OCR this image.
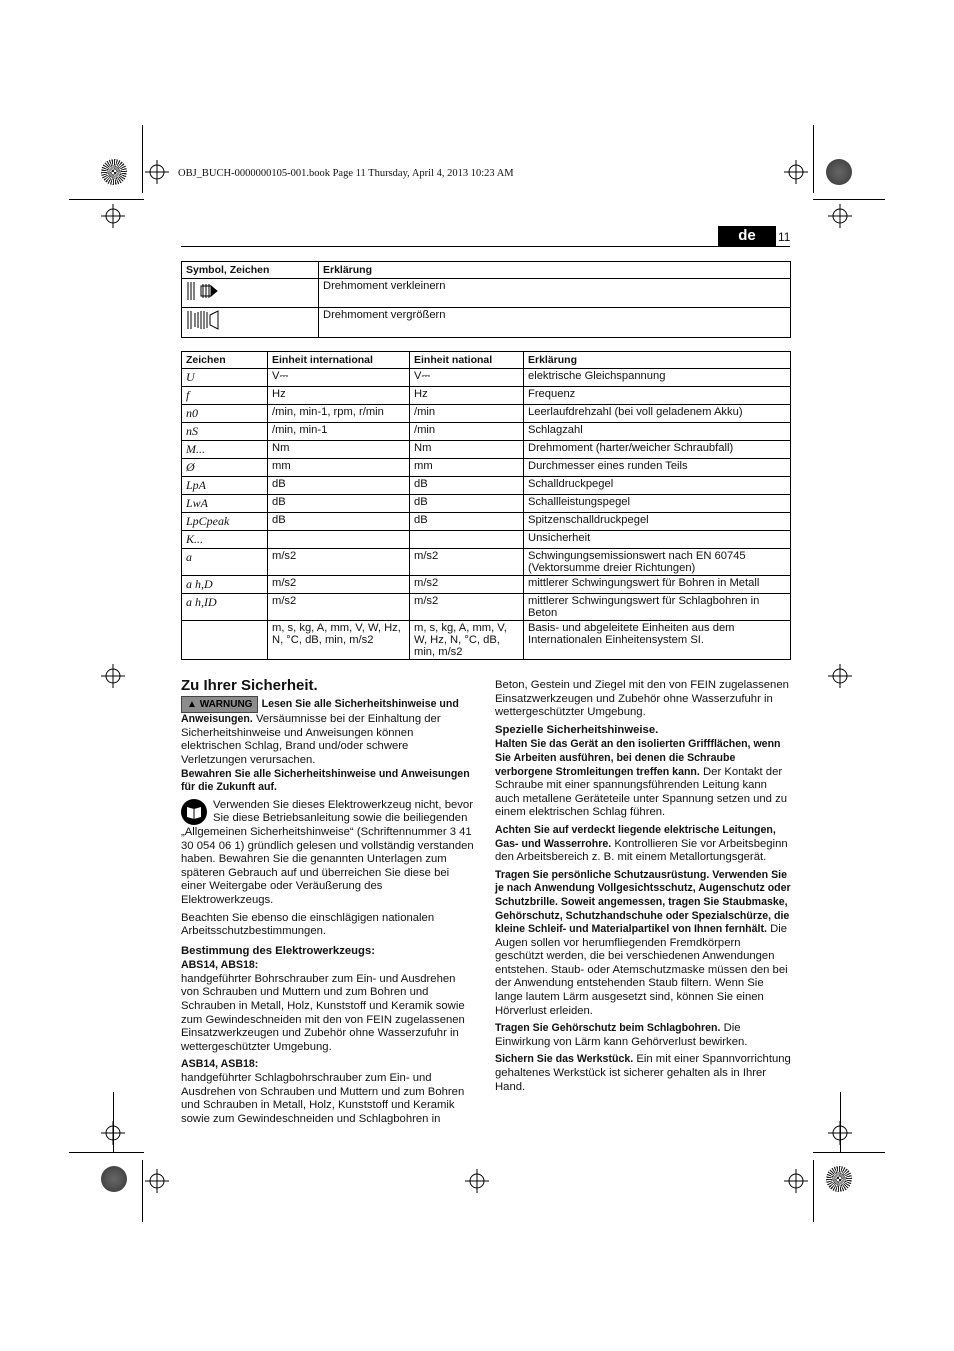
OBJ_BUCH-0000000105-001.book Page 11 Thursday, April 4, 2013 10:23 AM
de	11
Symbol, Zeichen	Erklärung
	Drehmoment verkleinern
	Drehmoment vergrößern
Zeichen	Einheit international	Einheit national	Erklärung
U	V⎓	V⎓	elektrische Gleichspannung
f	Hz	Hz	Frequenz
n0	/min, min-1, rpm, r/min	/min	Leerlaufdrehzahl (bei voll geladenem Akku)
nS	/min, min-1	/min	Schlagzahl
M...	Nm	Nm	Drehmoment (harter/weicher Schraubfall)
Ø	mm	mm	Durchmesser eines runden Teils
LpA	dB	dB	Schalldruckpegel
LwA	dB	dB	Schallleistungspegel
LpCpeak	dB	dB	Spitzenschalldruckpegel
K...			Unsicherheit
a	m/s2	m/s2	Schwingungsemissionswert nach EN 60745 (Vektorsumme dreier Richtungen)
a h,D	m/s2	m/s2	mittlerer Schwingungswert für Bohren in Metall
a h,ID	m/s2	m/s2	mittlerer Schwingungswert für Schlagbohren in Beton
	m, s, kg, A, mm, V, W, Hz, N, °C, dB, min, m/s2	m, s, kg, A, mm, V, W, Hz, N, °C, dB, min, m/s2	Basis- und abgeleitete Einheiten aus dem Internationalen Einheitensystem SI.
Zu Ihrer Sicherheit.

▲ WARNUNG Lesen Sie alle Sicherheitshinweise und Anweisungen. Versäumnisse bei der Einhaltung der Sicherheitshinweise und Anweisungen können elektrischen Schlag, Brand und/oder schwere Verletzungen verursachen.

Bewahren Sie alle Sicherheitshinweise und Anweisungen für die Zukunft auf.

Verwenden Sie dieses Elektrowerkzeug nicht, bevor Sie diese Betriebsanleitung sowie die beiliegenden „Allgemeinen Sicherheitshinweise“ (Schriftennummer 3 41 30 054 06 1) gründlich gelesen und vollständig verstanden haben. Bewahren Sie die genannten Unterlagen zum späteren Gebrauch auf und überreichen Sie diese bei einer Weitergabe oder Veräußerung des Elektrowerkzeugs.

Beachten Sie ebenso die einschlägigen nationalen Arbeitsschutzbestimmungen.

Bestimmung des Elektrowerkzeugs:
ABS14, ABS18:

handgeführter Bohrschrauber zum Ein- und Ausdrehen von Schrauben und Muttern und zum Bohren und Schrauben in Metall, Holz, Kunststoff und Keramik sowie zum Gewindeschneiden mit den von FEIN zugelassenen Einsatzwerkzeugen und Zubehör ohne Wasserzufuhr in wettergeschützter Umgebung.

ASB14, ASB18:

handgeführter Schlagbohrschrauber zum Ein- und Ausdrehen von Schrauben und Muttern und zum Bohren und Schrauben in Metall, Holz, Kunststoff und Keramik sowie zum Gewindeschneiden und Schlagbohren in

Beton, Gestein und Ziegel mit den von FEIN zugelassenen Einsatzwerkzeugen und Zubehör ohne Wasserzufuhr in wettergeschützter Umgebung.

Spezielle Sicherheitshinweise.

Halten Sie das Gerät an den isolierten Griffflächen, wenn Sie Arbeiten ausführen, bei denen die Schraube verborgene Stromleitungen treffen kann. Der Kontakt der Schraube mit einer spannungsführenden Leitung kann auch metallene Geräteteile unter Spannung setzen und zu einem elektrischen Schlag führen.

Achten Sie auf verdeckt liegende elektrische Leitungen, Gas- und Wasserrohre. Kontrollieren Sie vor Arbeitsbeginn den Arbeitsbereich z. B. mit einem Metallortungsgerät.

Tragen Sie persönliche Schutzausrüstung. Verwenden Sie je nach Anwendung Vollgesichtsschutz, Augenschutz oder Schutzbrille. Soweit angemessen, tragen Sie Staubmaske, Gehörschutz, Schutzhandschuhe oder Spezialschürze, die kleine Schleif- und Materialpartikel von Ihnen fernhält. Die Augen sollen vor herumfliegenden Fremdkörpern geschützt werden, die bei verschiedenen Anwendungen entstehen. Staub- oder Atemschutzmaske müssen den bei der Anwendung entstehenden Staub filtern. Wenn Sie lange lautem Lärm ausgesetzt sind, können Sie einen Hörverlust erleiden.

Tragen Sie Gehörschutz beim Schlagbohren. Die Einwirkung von Lärm kann Gehörverlust bewirken.

Sichern Sie das Werkstück. Ein mit einer Spannvorrichtung gehaltenes Werkstück ist sicherer gehalten als in Ihrer Hand.
